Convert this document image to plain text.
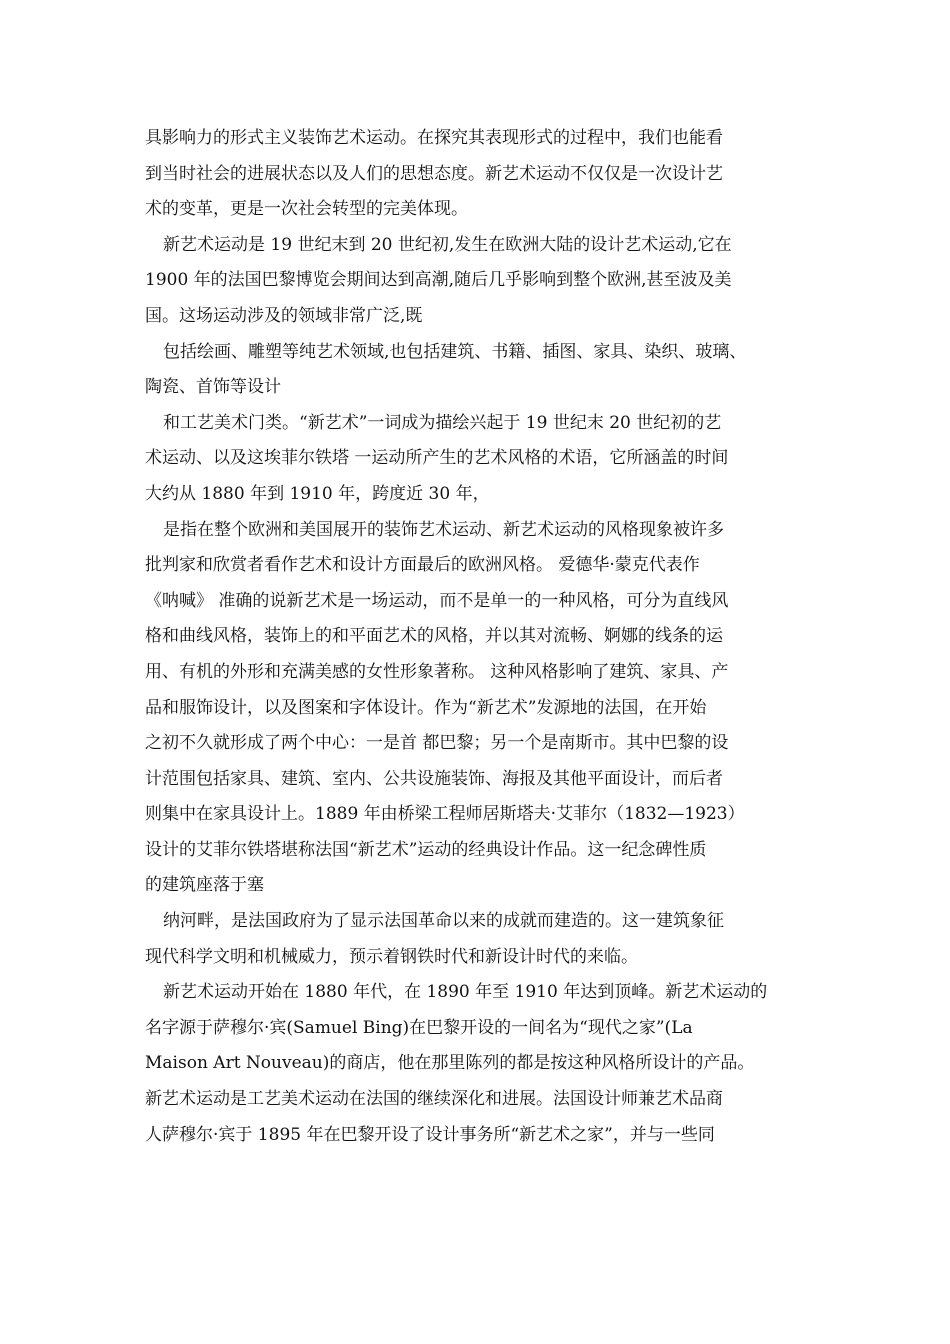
具影响力的形式主义装饰艺术运动。在探究其表现形式的过程中，我们也能看
到当时社会的进展状态以及人们的思想态度。新艺术运动不仅仅是一次设计艺
术的变革，更是一次社会转型的完美体现。
新艺术运动是 19 世纪末到 20 世纪初,发生在欧洲大陆的设计艺术运动,它在
1900 年的法国巴黎博览会期间达到高潮,随后几乎影响到整个欧洲,甚至波及美
国。这场运动涉及的领域非常广泛,既
包括绘画、雕塑等纯艺术领域,也包括建筑、书籍、插图、家具、染织、玻璃、
陶瓷、首饰等设计
和工艺美术门类。“新艺术”一词成为描绘兴起于 19 世纪末 20 世纪初的艺
术运动、以及这埃菲尔铁塔 一运动所产生的艺术风格的术语，它所涵盖的时间
大约从 1880 年到 1910 年，跨度近 30 年，
是指在整个欧洲和美国展开的装饰艺术运动、新艺术运动的风格现象被许多
批判家和欣赏者看作艺术和设计方面最后的欧洲风格。 爱德华·蒙克代表作
《呐喊》 准确的说新艺术是一场运动，而不是单一的一种风格，可分为直线风
格和曲线风格，装饰上的和平面艺术的风格，并以其对流畅、婀娜的线条的运
用、有机的外形和充满美感的女性形象著称。 这种风格影响了建筑、家具、产
品和服饰设计，以及图案和字体设计。作为“新艺术”发源地的法国，在开始
之初不久就形成了两个中心：一是首 都巴黎；另一个是南斯市。其中巴黎的设
计范围包括家具、建筑、室内、公共设施装饰、海报及其他平面设计，而后者
则集中在家具设计上。1889 年由桥梁工程师居斯塔夫·艾菲尔（1832—1923）
设计的艾菲尔铁塔堪称法国“新艺术”运动的经典设计作品。这一纪念碑性质
的建筑座落于塞
纳河畔，是法国政府为了显示法国革命以来的成就而建造的。这一建筑象征
现代科学文明和机械威力，预示着钢铁时代和新设计时代的来临。
新艺术运动开始在 1880 年代，在 1890 年至 1910 年达到顶峰。新艺术运动的
名字源于萨穆尔·宾(Samuel Bing)在巴黎开设的一间名为“现代之家”(La
Maison Art Nouveau)的商店，他在那里陈列的都是按这种风格所设计的产品。
新艺术运动是工艺美术运动在法国的继续深化和进展。法国设计师兼艺术品商
人萨穆尔·宾于 1895 年在巴黎开设了设计事务所“新艺术之家”，并与一些同
